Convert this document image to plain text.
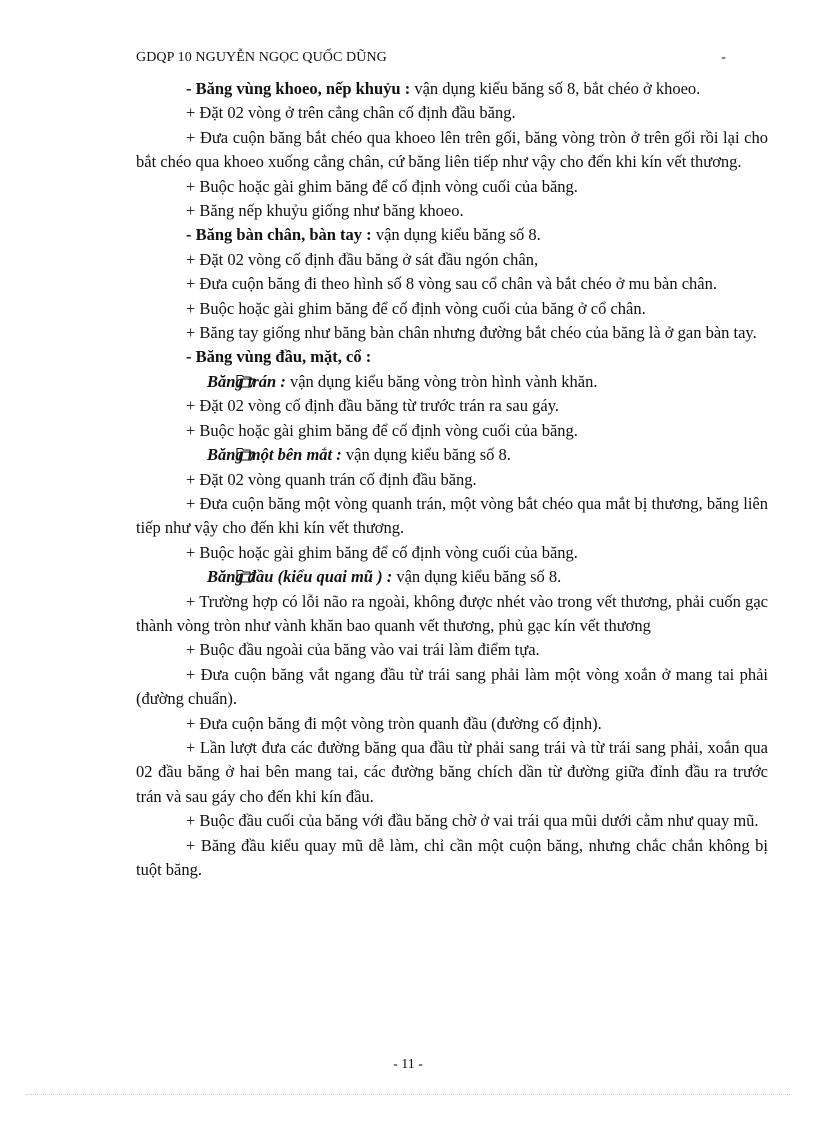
GDQP 10 NGUYỄN NGỌC QUỐC DŨNG	-

- Băng vùng khoeo, nếp khuỷu : vận dụng kiểu băng số 8, bắt chéo ở khoeo.

+ Đặt 02 vòng ở trên cẳng chân cố định đầu băng.

+ Đưa cuộn băng bắt chéo qua khoeo lên trên gối, băng vòng tròn ở trên gối rồi lại cho bắt chéo qua khoeo xuống cẳng chân, cứ băng liên tiếp như vậy cho đến khi kín vết thương.

+ Buộc hoặc gài ghim băng để cố định vòng cuối của băng.

+ Băng nếp khuỷu giống như băng khoeo.

- Băng bàn chân, bàn tay : vận dụng kiểu băng số 8.

+ Đặt 02 vòng cố định đầu băng ở sát đầu ngón chân,

+ Đưa cuộn băng đi theo hình số 8 vòng sau cổ chân và bắt chéo ở mu bàn chân.

+ Buộc hoặc gài ghim băng để cố định vòng cuối của băng ở cổ chân.

+ Băng tay giống như băng bàn chân nhưng đường bắt chéo của băng là ở gan bàn tay.

- Băng vùng đầu, mặt, cổ :

Băng trán : vận dụng kiểu băng vòng tròn hình vành khăn.

+ Đặt 02 vòng cố định đầu băng từ trước trán ra sau gáy.

+ Buộc hoặc gài ghim băng để cố định vòng cuối của băng.

Băng một bên mắt : vận dụng kiểu băng số 8.

+ Đặt 02 vòng quanh trán cố định đầu băng.

+ Đưa cuộn băng một vòng quanh trán, một vòng bắt chéo qua mắt bị thương, băng liên tiếp như vậy cho đến khi kín vết thương.

+ Buộc hoặc gài ghim băng để cố định vòng cuối của băng.

Băng đầu (kiểu quai mũ ) : vận dụng kiểu băng số 8.

+ Trường hợp có lỗi não ra ngoài, không được nhét vào trong vết thương, phải cuốn gạc thành vòng tròn như vành khăn bao quanh vết thương, phủ gạc kín vết thương

+ Buộc đầu ngoài của băng vào vai trái làm điểm tựa.

+ Đưa cuộn băng vắt ngang đầu từ trái sang phải làm một vòng xoắn ở mang tai phải (đường chuẩn).

+ Đưa cuộn băng đi một vòng tròn quanh đầu (đường cố định).

+ Lần lượt đưa các đường băng qua đầu từ phải sang trái và từ trái sang phải, xoắn qua 02 đầu băng ở hai bên mang tai, các đường băng chích dần từ đường giữa đỉnh đầu ra trước trán và sau gáy cho đến khi kín đầu.

+ Buộc đầu cuối của băng với đầu băng chờ ở vai trái qua mũi dưới cằm như quay mũ.

+ Băng đầu kiểu quay mũ dễ làm, chỉ cần một cuộn băng, nhưng chắc chắn không bị tuột băng.

- 11 -
